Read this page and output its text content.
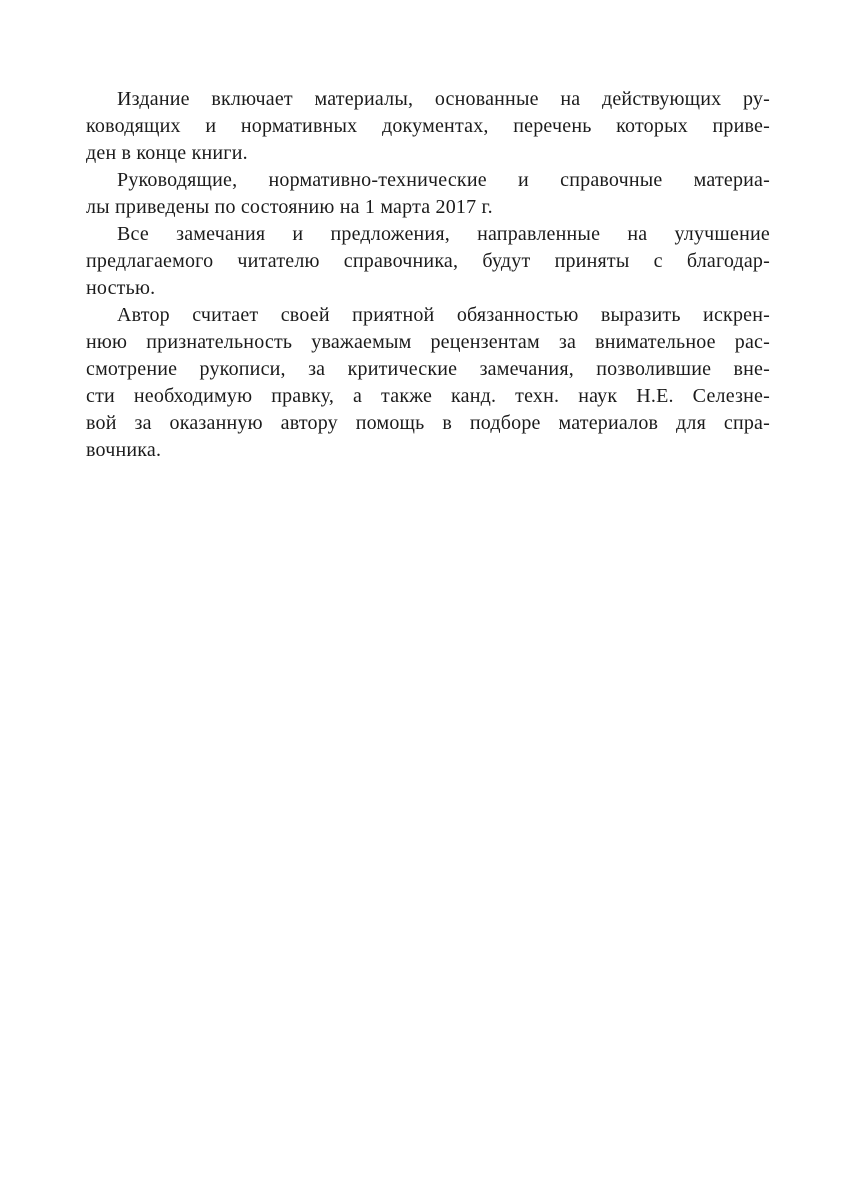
Издание включает материалы, основанные на действующих ру-
ководящих и нормативных документах, перечень которых приве-
ден в конце книги.
Руководящие, нормативно-технические и справочные материа-
лы приведены по состоянию на 1 марта 2017 г.
Все замечания и предложения, направленные на улучшение
предлагаемого читателю справочника, будут приняты с благодар-
ностью.
Автор считает своей приятной обязанностью выразить искрен-
нюю признательность уважаемым рецензентам за внимательное рас-
смотрение рукописи, за критические замечания, позволившие вне-
сти необходимую правку, а также канд. техн. наук Н.Е. Селезне-
вой за оказанную автору помощь в подборе материалов для спра-
вочника.
